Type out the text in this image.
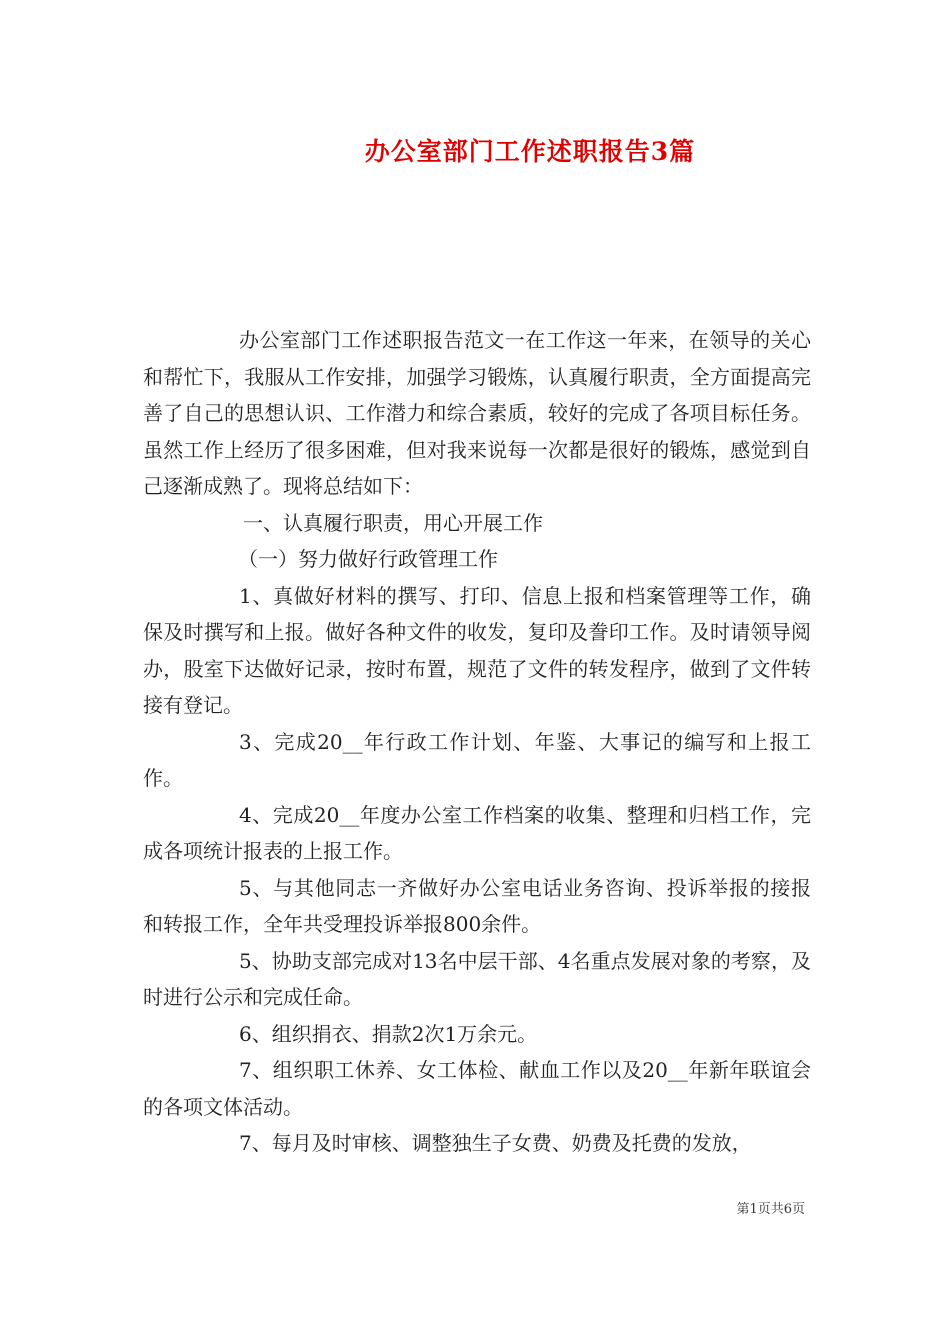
办公室部门工作述职报告3篇

办公室部门工作述职报告范文一在工作这一年来，在领导的关心和帮忙下，我服从工作安排，加强学习锻炼，认真履行职责，全方面提高完善了自己的思想认识、工作潜力和综合素质，较好的完成了各项目标任务。虽然工作上经历了很多困难，但对我来说每一次都是很好的锻炼，感觉到自己逐渐成熟了。现将总结如下：

一、认真履行职责，用心开展工作

（一）努力做好行政管理工作

1、真做好材料的撰写、打印、信息上报和档案管理等工作，确保及时撰写和上报。做好各种文件的收发，复印及誊印工作。及时请领导阅办，股室下达做好记录，按时布置，规范了文件的转发程序，做到了文件转接有登记。

3、完成20__年行政工作计划、年鉴、大事记的编写和上报工作。

4、完成20__年度办公室工作档案的收集、整理和归档工作，完成各项统计报表的上报工作。

5、与其他同志一齐做好办公室电话业务咨询、投诉举报的接报和转报工作，全年共受理投诉举报800余件。

5、协助支部完成对13名中层干部、4名重点发展对象的考察，及时进行公示和完成任命。

6、组织捐衣、捐款2次1万余元。

7、组织职工休养、女工体检、献血工作以及20__年新年联谊会的各项文体活动。

7、每月及时审核、调整独生子女费、奶费及托费的发放，

第1页共6页
